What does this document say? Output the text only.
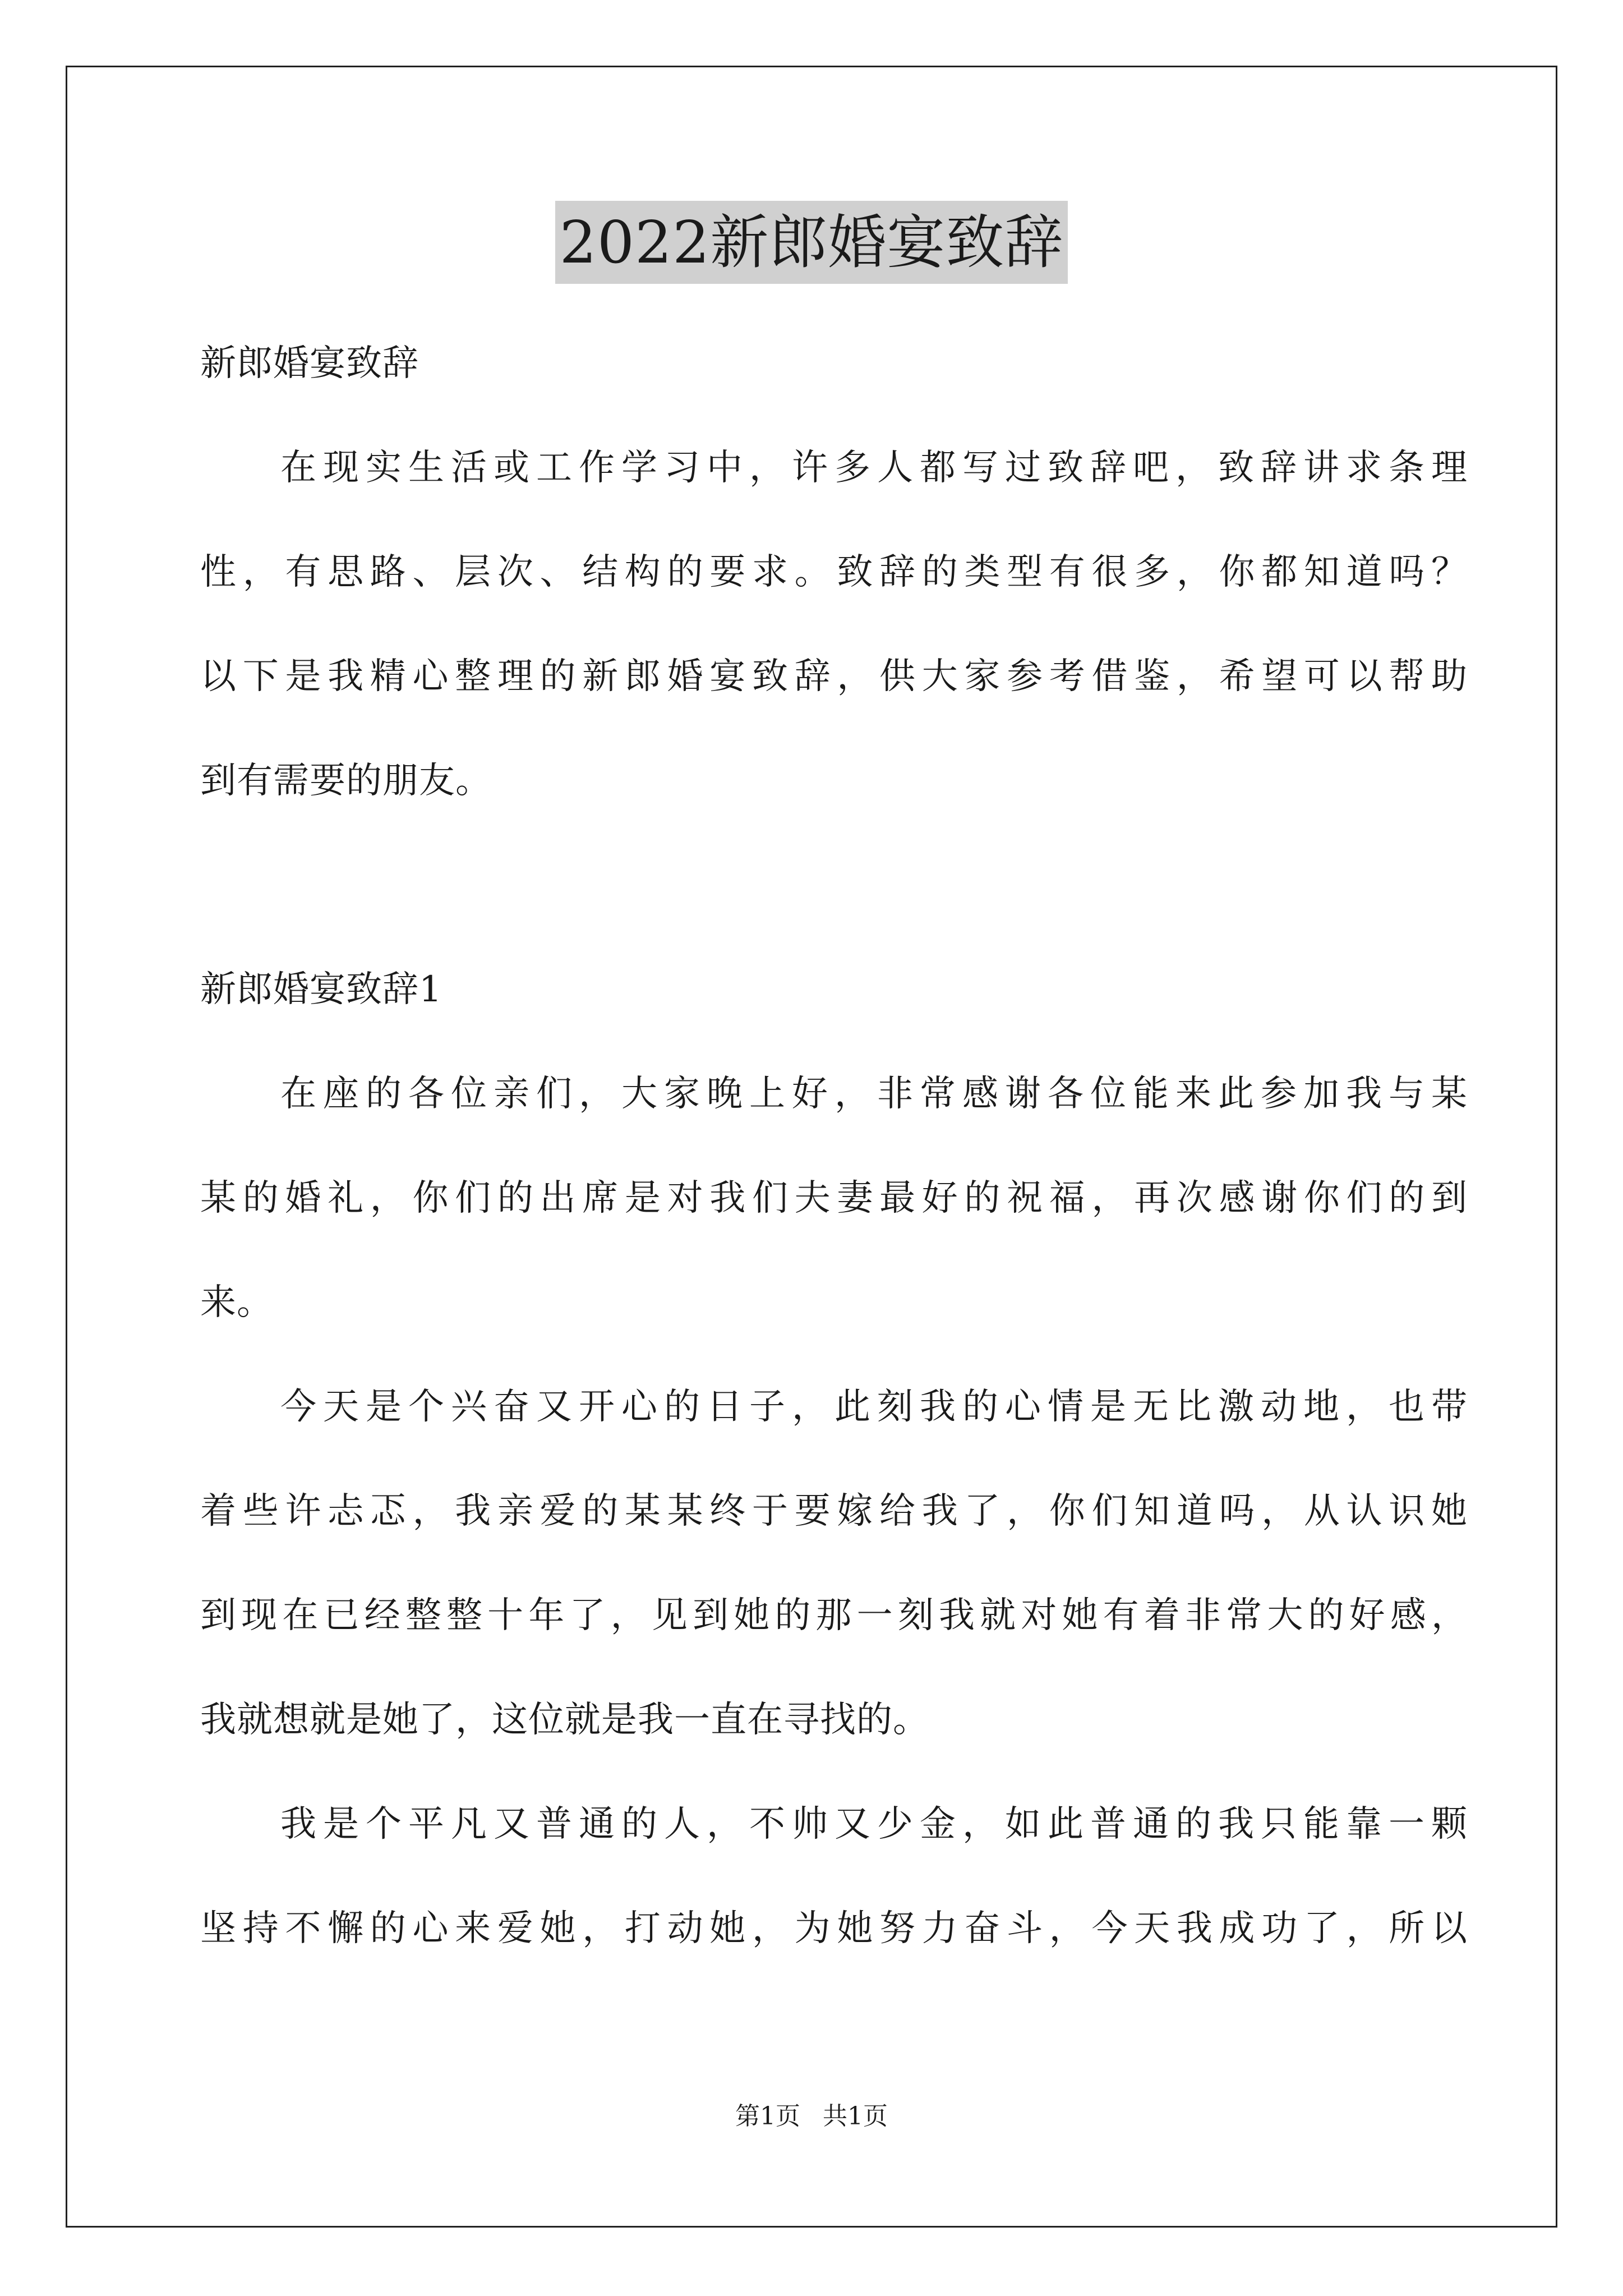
2022新郎婚宴致辞
新郎婚宴致辞
在现实生活或工作学习中，许多人都写过致辞吧，致辞讲求条理
性，有思路、层次、结构的要求。致辞的类型有很多，你都知道吗？
以下是我精心整理的新郎婚宴致辞，供大家参考借鉴，希望可以帮助
到有需要的朋友。
新郎婚宴致辞1
在座的各位亲们，大家晚上好，非常感谢各位能来此参加我与某
某的婚礼，你们的出席是对我们夫妻最好的祝福，再次感谢你们的到
来。
今天是个兴奋又开心的日子，此刻我的心情是无比激动地，也带
着些许忐忑，我亲爱的某某终于要嫁给我了，你们知道吗，从认识她
到现在已经整整十年了，见到她的那一刻我就对她有着非常大的好感，
我就想就是她了，这位就是我一直在寻找的。
我是个平凡又普通的人，不帅又少金，如此普通的我只能靠一颗
坚持不懈的心来爱她，打动她，为她努力奋斗，今天我成功了，所以
第1页 共1页
